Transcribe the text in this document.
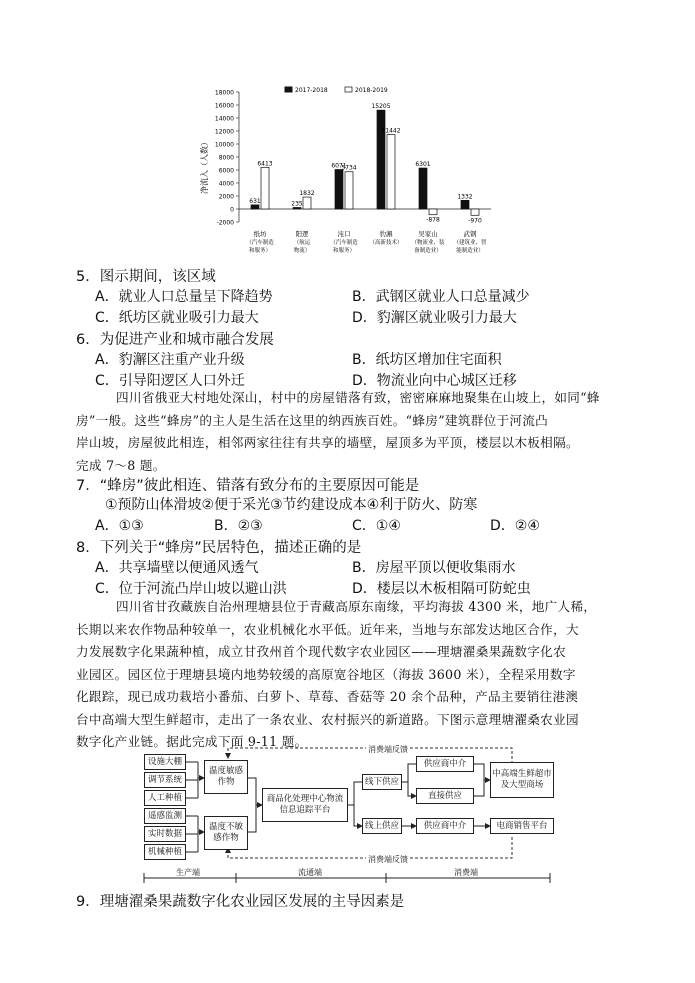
净流入（人数）
-2000
0
2000
4000
6000
8000
10000
12000
14000
16000
18000
631
6413
235
1832
6071
5734
15205
11442
6301
-878
1332
-970
2017-2018	2018-2019
纸坊
（汽车制造
和服务）
阳逻
（航运
物流）
沌口
（汽车制造
和服务）
豹澥
（高新技术）
吴家山
（物流业、装
备制造业）
武钢
（建筑业、智
能制造业）
5．图示期间，该区域
A．就业人口总量呈下降趋势	B．武钢区就业人口总量减少
C．纸坊区就业吸引力最大	D．豹澥区就业吸引力最大
6．为促进产业和城市融合发展
A．豹澥区注重产业升级	B．纸坊区增加住宅面积
C．引导阳逻区人口外迁	D．物流业向中心城区迁移
四川省俄亚大村地处深山，村中的房屋错落有致，密密麻麻地聚集在山坡上，如同“蜂
房”一般。这些“蜂房”的主人是生活在这里的纳西族百姓。“蜂房”建筑群位于河流凸
岸山坡，房屋彼此相连，相邻两家往往有共享的墙壁，屋顶多为平顶，楼层以木板相隔。
完成 7～8 题。
7．“蜂房”彼此相连、错落有致分布的主要原因可能是
①预防山体滑坡②便于采光③节约建设成本④利于防火、防寒
A．①③	B．②③	C．①④	D．②④
8．下列关于“蜂房”民居特色，描述正确的是
A．共享墙壁以便通风透气	B．房屋平顶以便收集雨水
C．位于河流凸岸山坡以避山洪	D．楼层以木板相隔可防蛇虫
四川省甘孜藏族自治州理塘县位于青藏高原东南缘，平均海拔 4300 米，地广人稀，
长期以来农作物品种较单一，农业机械化水平低。近年来，当地与东部发达地区合作，大
力发展数字化果蔬种植，成立甘孜州首个现代数字农业园区——理塘濯桑果蔬数字化农
业园区。园区位于理塘县境内地势较缓的高原宽谷地区（海拔 3600 米），全程采用数字
化跟踪，现已成功栽培小番茄、白萝卜、草莓、香菇等 20 余个品种，产品主要销往港澳
台中高端大型生鲜超市，走出了一条农业、农村振兴的新道路。下图示意理塘濯桑农业园
数字化产业链。据此完成下面 9-11 题。
设施大棚
调节系统
人工种植
遥感监测
实时数据
机械种植
温度敏感作物
温度不敏感作物
商品化处理中心物流信息追踪平台
线下供应
线上供应
供应商中介
直接供应
供应商中介
中高端生鲜超市及大型商场
电商销售平台
消费端反馈
消费端反馈
生产端	流通端	消费端
9．理塘濯桑果蔬数字化农业园区发展的主导因素是
